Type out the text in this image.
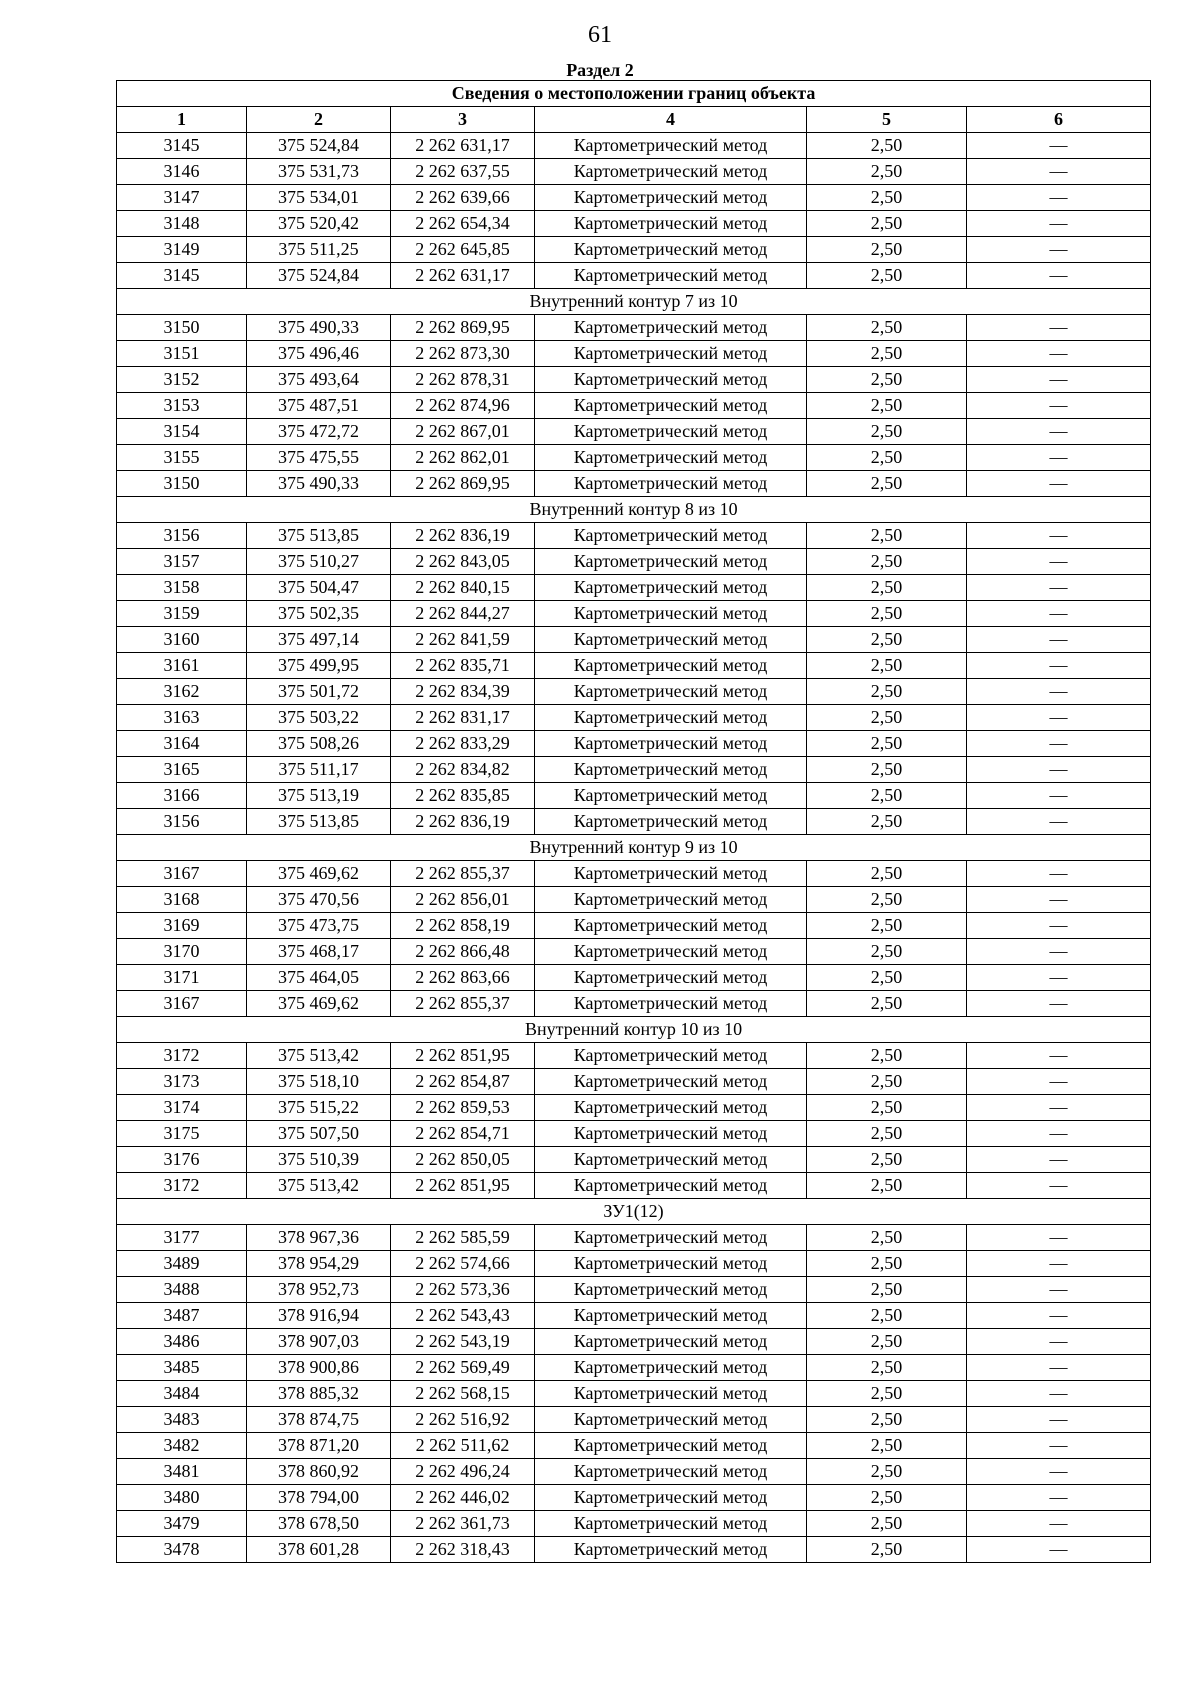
61
Раздел 2
Сведения о местоположении границ объекта					
1	2	3	4	5	6
3145	375 524,84	2 262 631,17	Картометрический метод	2,50	—
3146	375 531,73	2 262 637,55	Картометрический метод	2,50	—
3147	375 534,01	2 262 639,66	Картометрический метод	2,50	—
3148	375 520,42	2 262 654,34	Картометрический метод	2,50	—
3149	375 511,25	2 262 645,85	Картометрический метод	2,50	—
3145	375 524,84	2 262 631,17	Картометрический метод	2,50	—
Внутренний контур 7 из 10					
3150	375 490,33	2 262 869,95	Картометрический метод	2,50	—
3151	375 496,46	2 262 873,30	Картометрический метод	2,50	—
3152	375 493,64	2 262 878,31	Картометрический метод	2,50	—
3153	375 487,51	2 262 874,96	Картометрический метод	2,50	—
3154	375 472,72	2 262 867,01	Картометрический метод	2,50	—
3155	375 475,55	2 262 862,01	Картометрический метод	2,50	—
3150	375 490,33	2 262 869,95	Картометрический метод	2,50	—
Внутренний контур 8 из 10					
3156	375 513,85	2 262 836,19	Картометрический метод	2,50	—
3157	375 510,27	2 262 843,05	Картометрический метод	2,50	—
3158	375 504,47	2 262 840,15	Картометрический метод	2,50	—
3159	375 502,35	2 262 844,27	Картометрический метод	2,50	—
3160	375 497,14	2 262 841,59	Картометрический метод	2,50	—
3161	375 499,95	2 262 835,71	Картометрический метод	2,50	—
3162	375 501,72	2 262 834,39	Картометрический метод	2,50	—
3163	375 503,22	2 262 831,17	Картометрический метод	2,50	—
3164	375 508,26	2 262 833,29	Картометрический метод	2,50	—
3165	375 511,17	2 262 834,82	Картометрический метод	2,50	—
3166	375 513,19	2 262 835,85	Картометрический метод	2,50	—
3156	375 513,85	2 262 836,19	Картометрический метод	2,50	—
Внутренний контур 9 из 10					
3167	375 469,62	2 262 855,37	Картометрический метод	2,50	—
3168	375 470,56	2 262 856,01	Картометрический метод	2,50	—
3169	375 473,75	2 262 858,19	Картометрический метод	2,50	—
3170	375 468,17	2 262 866,48	Картометрический метод	2,50	—
3171	375 464,05	2 262 863,66	Картометрический метод	2,50	—
3167	375 469,62	2 262 855,37	Картометрический метод	2,50	—
Внутренний контур 10 из 10					
3172	375 513,42	2 262 851,95	Картометрический метод	2,50	—
3173	375 518,10	2 262 854,87	Картометрический метод	2,50	—
3174	375 515,22	2 262 859,53	Картометрический метод	2,50	—
3175	375 507,50	2 262 854,71	Картометрический метод	2,50	—
3176	375 510,39	2 262 850,05	Картометрический метод	2,50	—
3172	375 513,42	2 262 851,95	Картометрический метод	2,50	—
ЗУ1(12)					
3177	378 967,36	2 262 585,59	Картометрический метод	2,50	—
3489	378 954,29	2 262 574,66	Картометрический метод	2,50	—
3488	378 952,73	2 262 573,36	Картометрический метод	2,50	—
3487	378 916,94	2 262 543,43	Картометрический метод	2,50	—
3486	378 907,03	2 262 543,19	Картометрический метод	2,50	—
3485	378 900,86	2 262 569,49	Картометрический метод	2,50	—
3484	378 885,32	2 262 568,15	Картометрический метод	2,50	—
3483	378 874,75	2 262 516,92	Картометрический метод	2,50	—
3482	378 871,20	2 262 511,62	Картометрический метод	2,50	—
3481	378 860,92	2 262 496,24	Картометрический метод	2,50	—
3480	378 794,00	2 262 446,02	Картометрический метод	2,50	—
3479	378 678,50	2 262 361,73	Картометрический метод	2,50	—
3478	378 601,28	2 262 318,43	Картометрический метод	2,50	—
